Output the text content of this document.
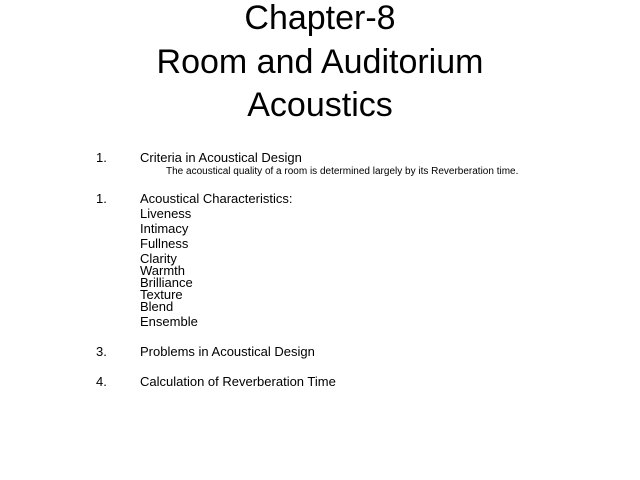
Chapter-8
Room and Auditorium
Acoustics
1.	Criteria in Acoustical Design
The acoustical quality of a room is determined largely by its Reverberation time.
1.	Acoustical Characteristics:
Liveness
Intimacy
Fullness
Clarity
Warmth
Brilliance
Texture
Blend
Ensemble
3.	Problems in Acoustical Design
4.	Calculation of Reverberation Time
